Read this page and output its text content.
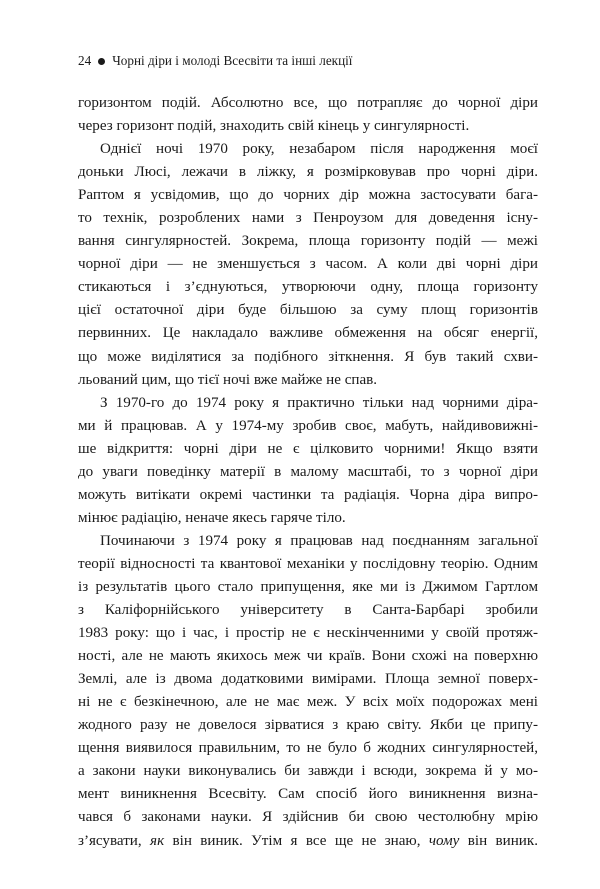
24 Чорні діри і молоді Всесвіти та інші лекції
горизонтом подій. Абсолютно все, що потрапляє до чорної діри
через горизонт подій, знаходить свій кінець у сингулярності.
Однієї ночі 1970 року, незабаром після народження моєї
доньки Люсі, лежачи в ліжку, я розмірковував про чорні діри.
Раптом я усвідомив, що до чорних дір можна застосувати бага-
то технік, розроблених нами з Пенроузом для доведення існу-
вання сингулярностей. Зокрема, площа горизонту подій — межі
чорної діри — не зменшується з часом. А коли дві чорні діри
стикаються і з’єднуються, утворюючи одну, площа горизонту
цієї остаточної діри буде більшою за суму площ горизонтів
первинних. Це накладало важливе обмеження на обсяг енергії,
що може виділятися за подібного зіткнення. Я був такий схви-
льований цим, що тієї ночі вже майже не спав.
З 1970-го до 1974 року я практично тільки над чорними діра-
ми й працював. А у 1974-му зробив своє, мабуть, найдивовижні-
ше відкриття: чорні діри не є цілковито чорними! Якщо взяти
до уваги поведінку матерії в малому масштабі, то з чорної діри
можуть витікати окремі частинки та радіація. Чорна діра випро-
мінює радіацію, неначе якесь гаряче тіло.
Починаючи з 1974 року я працював над поєднанням загальної
теорії відносності та квантової механіки у послідовну теорію. Одним
із результатів цього стало припущення, яке ми із Джимом Гартлом
з Каліфорнійського університету в Санта-Барбарі зробили
1983 року: що і час, і простір не є нескінченними у своїй протяж-
ності, але не мають якихось меж чи країв. Вони схожі на поверхню
Землі, але із двома додатковими вимірами. Площа земної поверх-
ні не є безкінечною, але не має меж. У всіх моїх подорожах мені
жодного разу не довелося зірватися з краю світу. Якби це припу-
щення виявилося правильним, то не було б жодних сингулярностей,
а закони науки виконувались би завжди і всюди, зокрема й у мо-
мент виникнення Всесвіту. Сам спосіб його виникнення визна-
чався б законами науки. Я здійснив би свою честолюбну мрію
з’ясувати, як він виник. Утім я все ще не знаю, чому він виник.
